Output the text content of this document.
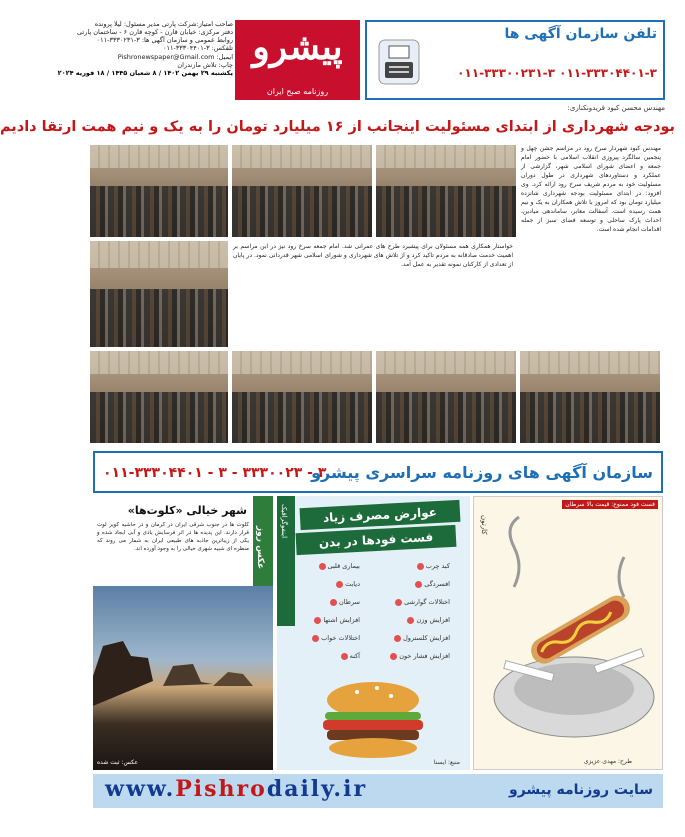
تلفن سازمان آگهی ها
۰۱۱-۳۳۳۰۰۲۳۱-۳ ۰۱۱-۳۳۳۰۴۴۰۱-۳
پیشرو
روزنامه صبح ایران
صاحب امتیاز:شرکت پارتی مدیر مسئول: لیلا پرونده
دفتر مرکزی: خیابان قارن - کوچه قارن ۶ - ساختمان پارتی
روابط عمومی و سازمان آگهی ها: ۳-۳۳۳۰۲۳۱-۰۱۱
تلفکس: ۳-۳۳۳۰۴۴۰۱-۰۱۱
ایمیل: Pishronewspaper@Gmail.com
چاپ: تلاش مازندران
یکشنبه ۲۹ بهمن ۱۴۰۲ / ۸ شعبان ۱۴۴۵ / ۱۸ فوریه ۲۰۲۴
مهندس محسن کبود فریدونکناری:
بودجه شهرداری از ابتدای مسئولیت اینجانب از ۱۶ میلیارد تومان را به یک و نیم همت ارتقا دادیم
مهندس کبود شهردار سرخ رود در مراسم جشن چهل و پنجمین سالگرد پیروزی انقلاب اسلامی با حضور امام جمعه و اعضای شورای اسلامی شهر، گزارشی از عملکرد و دستاوردهای شهرداری در طول دوران مسئولیت خود به مردم شریف سرخ رود ارائه کرد. وی افزود: در ابتدای مسئولیت بودجه شهرداری شانزده میلیارد تومان بود که امروز با تلاش همکاران به یک و نیم همت رسیده است. آسفالت معابر، ساماندهی میادین، احداث پارک ساحلی و توسعه فضای سبز از جمله اقدامات انجام شده است.
خواستار همکاری همه مسئولان برای پیشبرد طرح های عمرانی شد. امام جمعه سرخ رود نیز در این مراسم بر اهمیت خدمت صادقانه به مردم تاکید کرد و از تلاش های شهرداری و شورای اسلامی شهر قدردانی نمود. در پایان از تعدادی از کارکنان نمونه تقدیر به عمل آمد.
سازمان آگهی های روزنامه سراسری پیشرو
۰۱۱-۳۳۳۰۴۴۰۱ - ۳ - ۳۳۳۰۰۲۳ - ۳
عکس روز
شهر خیالی «کلوت‌ها»
کلوت ها در جنوب شرقی ایران در کرمان و در حاشیه کویر لوت قرار دارند. این پدیده ها در اثر فرسایش بادی و آبی ایجاد شده و یکی از زیباترین جاذبه های طبیعی ایران به شمار می روند که منظره ای شبیه شهری خیالی را به وجود آورده اند.
عکس: ثبت شده
اینفوگرافیک	عوارض مصرف زیاد
فست فودها در بدن
کبد چرب
افسردگی
اختلالات گوارشی
افزایش وزن
افزایش کلسترول
افزایش فشار خون
بیماری قلبی
دیابت
سرطان
افزایش اشتها
اختلالات خواب
آکنه
منبع: ایسنا
فست فود ممنوع: قیمت بالا سرطان
کارتون
طرح: مهدی عزیزی
www.Pishrodaily.ir	سایت روزنامه پیشرو
